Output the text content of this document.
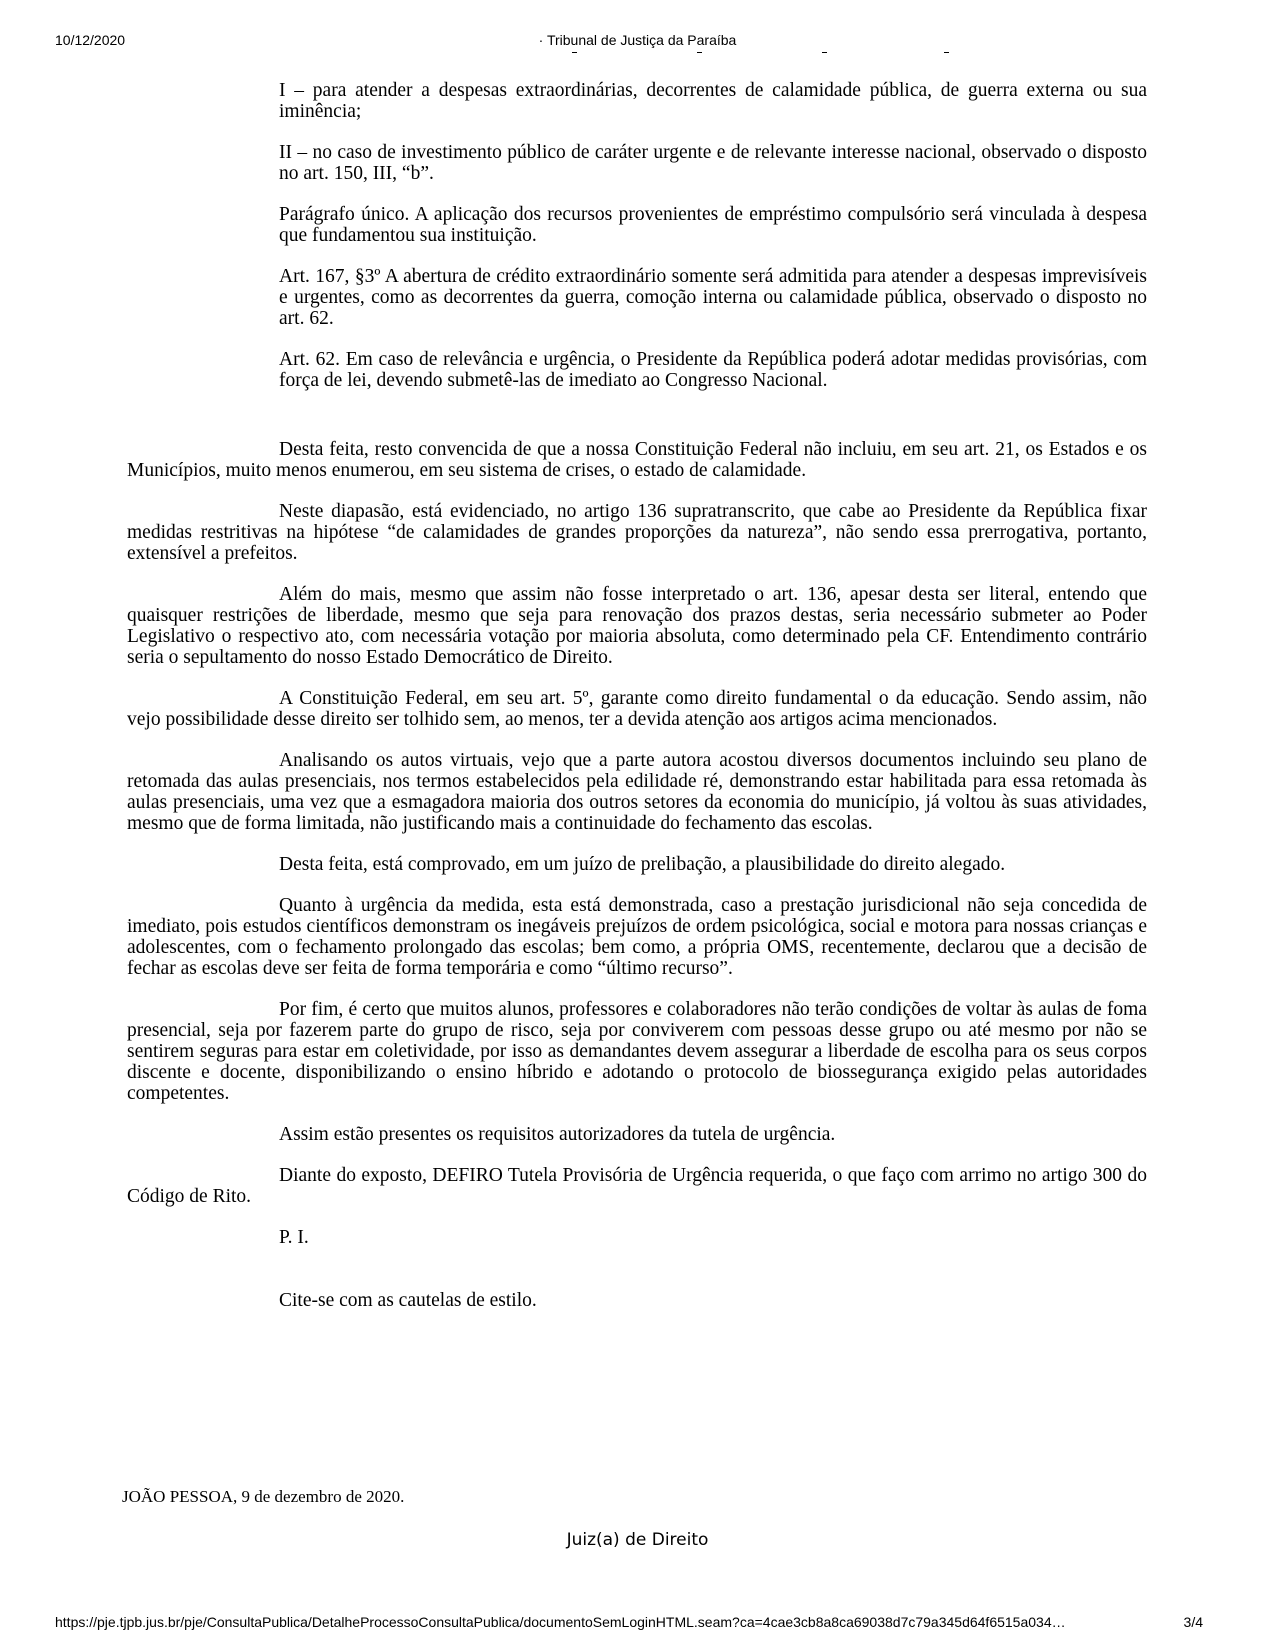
10/12/2020	· Tribunal de Justiça da Paraíba

I – para atender a despesas extraordinárias, decorrentes de calamidade pública, de guerra externa ou sua iminência;

II – no caso de investimento público de caráter urgente e de relevante interesse nacional, observado o disposto no art. 150, III, “b”.

Parágrafo único. A aplicação dos recursos provenientes de empréstimo compulsório será vinculada à despesa que fundamentou sua instituição.

Art. 167, §3º A abertura de crédito extraordinário somente será admitida para atender a despesas imprevisíveis e urgentes, como as decorrentes da guerra, comoção interna ou calamidade pública, observado o disposto no art. 62.

Art. 62. Em caso de relevância e urgência, o Presidente da República poderá adotar medidas provisórias, com força de lei, devendo submetê-las de imediato ao Congresso Nacional.

Desta feita, resto convencida de que a nossa Constituição Federal não incluiu, em seu art. 21, os Estados e os Municípios, muito menos enumerou, em seu sistema de crises, o estado de calamidade.

Neste diapasão, está evidenciado, no artigo 136 supratranscrito, que cabe ao Presidente da República fixar medidas restritivas na hipótese “de calamidades de grandes proporções da natureza”, não sendo essa prerrogativa, portanto, extensível a prefeitos.

Além do mais, mesmo que assim não fosse interpretado o art. 136, apesar desta ser literal, entendo que quaisquer restrições de liberdade, mesmo que seja para renovação dos prazos destas, seria necessário submeter ao Poder Legislativo o respectivo ato, com necessária votação por maioria absoluta, como determinado pela CF. Entendimento contrário seria o sepultamento do nosso Estado Democrático de Direito.

A Constituição Federal, em seu art. 5º, garante como direito fundamental o da educação. Sendo assim, não vejo possibilidade desse direito ser tolhido sem, ao menos, ter a devida atenção aos artigos acima mencionados.

Analisando os autos virtuais, vejo que a parte autora acostou diversos documentos incluindo seu plano de retomada das aulas presenciais, nos termos estabelecidos pela edilidade ré, demonstrando estar habilitada para essa retomada às aulas presenciais, uma vez que a esmagadora maioria dos outros setores da economia do município, já voltou às suas atividades, mesmo que de forma limitada, não justificando mais a continuidade do fechamento das escolas.

Desta feita, está comprovado, em um juízo de prelibação, a plausibilidade do direito alegado.

Quanto à urgência da medida, esta está demonstrada, caso a prestação jurisdicional não seja concedida de imediato, pois estudos científicos demonstram os inegáveis prejuízos de ordem psicológica, social e motora para nossas crianças e adolescentes, com o fechamento prolongado das escolas; bem como, a própria OMS, recentemente, declarou que a decisão de fechar as escolas deve ser feita de forma temporária e como “último recurso”.

Por fim, é certo que muitos alunos, professores e colaboradores não terão condições de voltar às aulas de foma presencial, seja por fazerem parte do grupo de risco, seja por conviverem com pessoas desse grupo ou até mesmo por não se sentirem seguras para estar em coletividade, por isso as demandantes devem assegurar a liberdade de escolha para os seus corpos discente e docente, disponibilizando o ensino híbrido e adotando o protocolo de biossegurança exigido pelas autoridades competentes.

Assim estão presentes os requisitos autorizadores da tutela de urgência.

Diante do exposto, DEFIRO Tutela Provisória de Urgência requerida, o que faço com arrimo no artigo 300 do Código de Rito.

P. I.

Cite-se com as cautelas de estilo.

JOÃO PESSOA, 9 de dezembro de 2020.
Juiz(a) de Direito
https://pje.tjpb.jus.br/pje/ConsultaPublica/DetalheProcessoConsultaPublica/documentoSemLoginHTML.seam?ca=4cae3cb8a8ca69038d7c79a345d64f6515a034…	3/4
